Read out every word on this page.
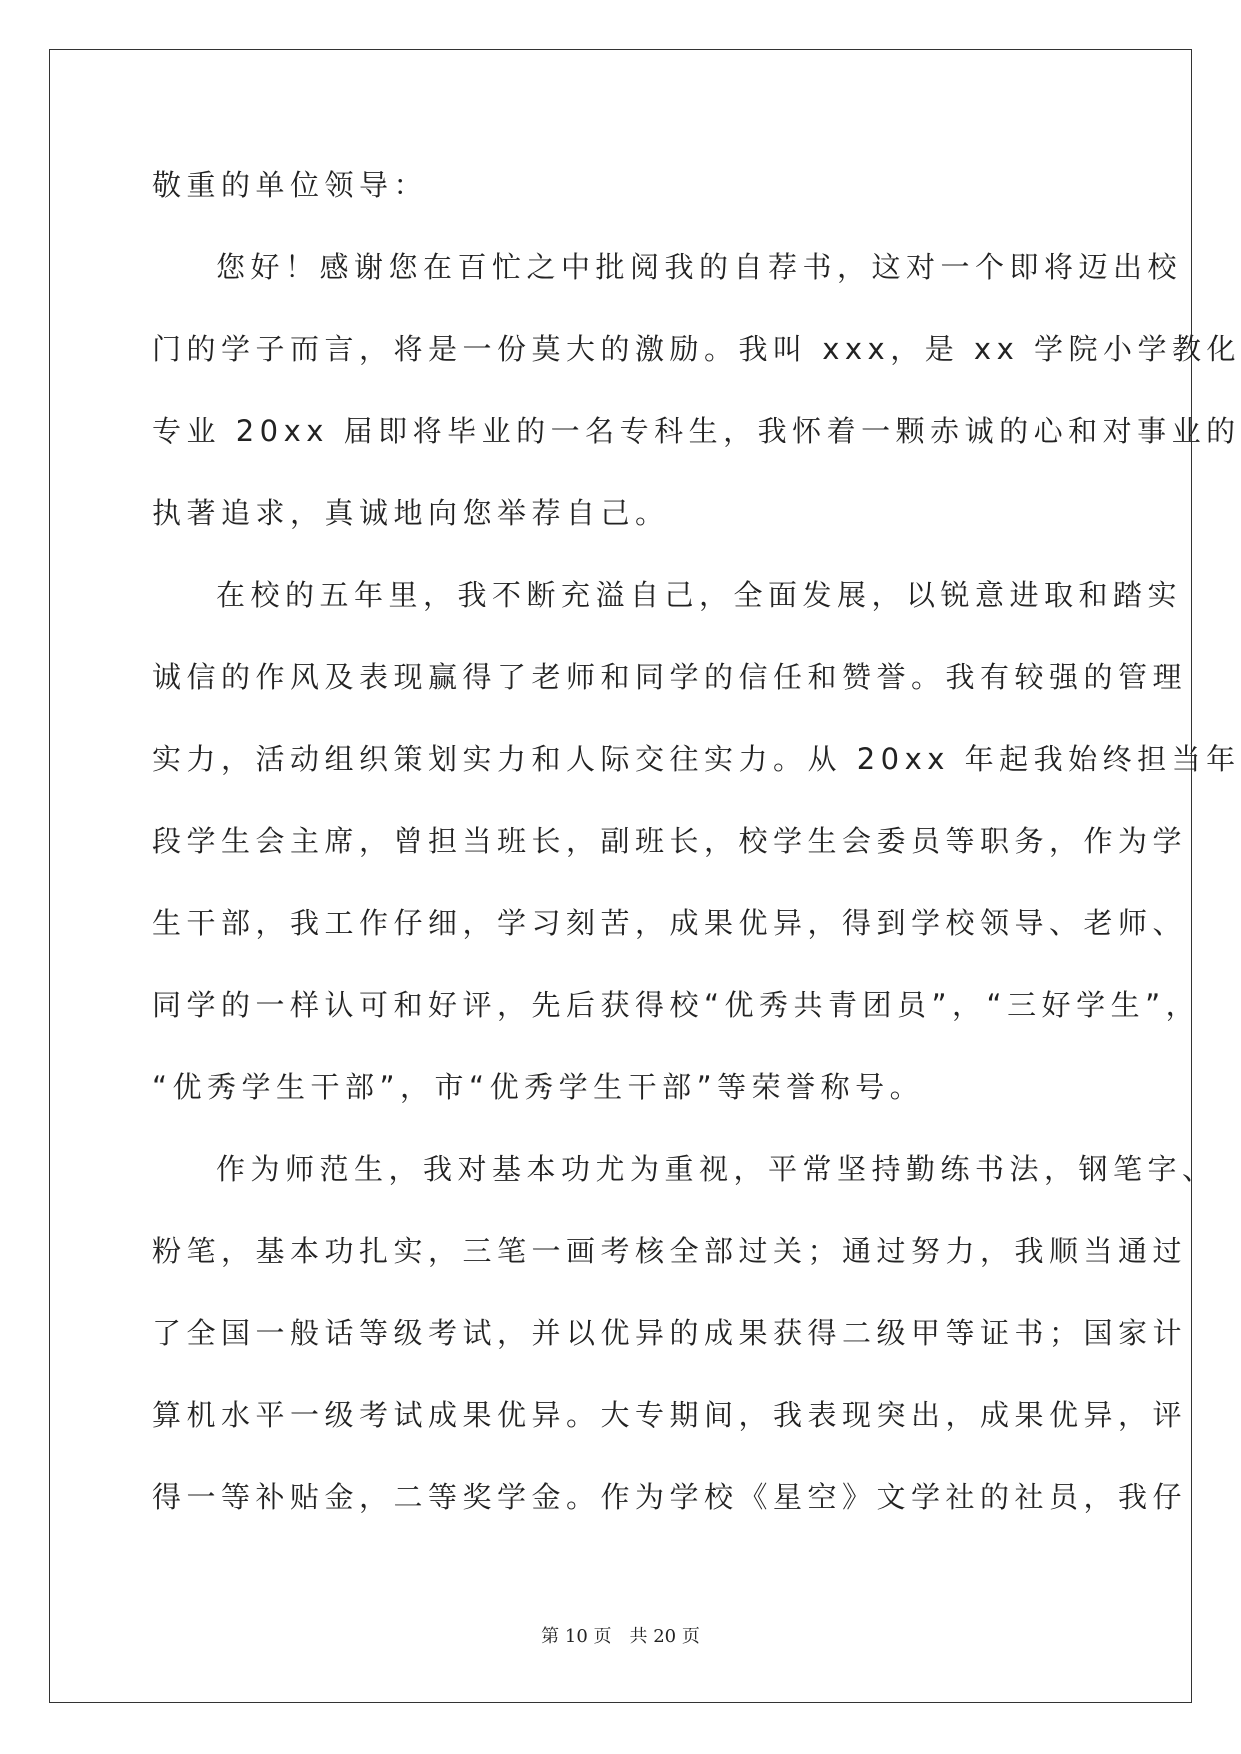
敬重的单位领导：
您好！感谢您在百忙之中批阅我的自荐书，这对一个即将迈出校
门的学子而言，将是一份莫大的激励。我叫 xxx，是 xx 学院小学教化
专业 20xx 届即将毕业的一名专科生，我怀着一颗赤诚的心和对事业的
执著追求，真诚地向您举荐自己。
在校的五年里，我不断充溢自己，全面发展，以锐意进取和踏实
诚信的作风及表现赢得了老师和同学的信任和赞誉。我有较强的管理
实力，活动组织策划实力和人际交往实力。从 20xx 年起我始终担当年
段学生会主席，曾担当班长，副班长，校学生会委员等职务，作为学
生干部，我工作仔细，学习刻苦，成果优异，得到学校领导、老师、
同学的一样认可和好评，先后获得校“优秀共青团员”，“三好学生”，
“优秀学生干部”，市“优秀学生干部”等荣誉称号。
作为师范生，我对基本功尤为重视，平常坚持勤练书法，钢笔字、
粉笔，基本功扎实，三笔一画考核全部过关；通过努力，我顺当通过
了全国一般话等级考试，并以优异的成果获得二级甲等证书；国家计
算机水平一级考试成果优异。大专期间，我表现突出，成果优异，评
得一等补贴金，二等奖学金。作为学校《星空》文学社的社员，我仔
第 10 页　共 20 页
